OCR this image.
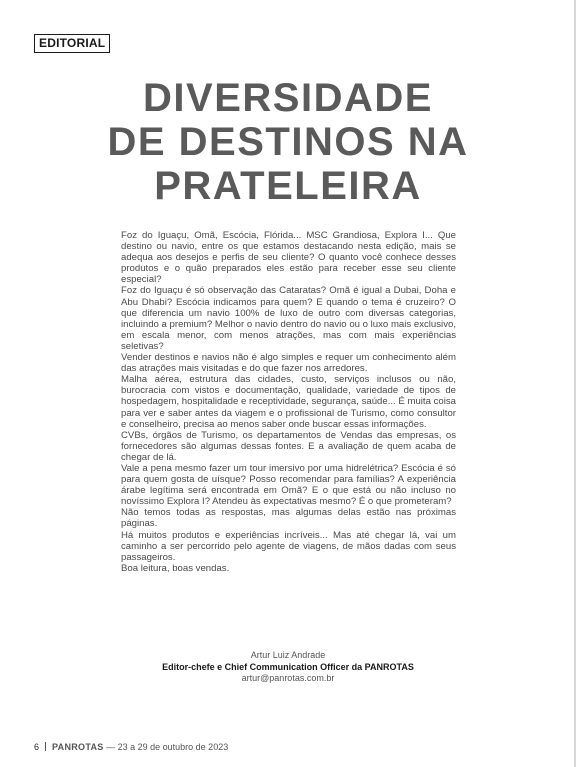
EDITORIAL
DIVERSIDADE
DE DESTINOS NA
PRATELEIRA

Foz do Iguaçu, Omã, Escócia, Flórida... MSC Grandiosa, Explora I... Que destino ou navio, entre os que estamos destacando nesta edição, mais se adequa aos desejos e perfis de seu cliente? O quanto você conhece desses produtos e o quão preparados eles estão para receber esse seu cliente especial?

Foz do Iguaçu é só observação das Cataratas? Omã é igual a Dubai, Doha e Abu Dhabi? Escócia indicamos para quem? E quando o tema é cruzeiro? O que diferencia um navio 100% de luxo de outro com diversas categorias, incluindo a premium? Melhor o navio dentro do navio ou o luxo mais exclusivo, em escala menor, com menos atrações, mas com mais experiências seletivas?

Vender destinos e navios não é algo simples e requer um conhecimento além das atrações mais visitadas e do que fazer nos arredores.

Malha aérea, estrutura das cidades, custo, serviços inclusos ou não, burocracia com vistos e documentação, qualidade, variedade de tipos de hospedagem, hospitalidade e receptividade, segurança, saúde... É muita coisa para ver e saber antes da viagem e o profissional de Turismo, como consultor e conselheiro, precisa ao menos saber onde buscar essas informações.

CVBs, órgãos de Turismo, os departamentos de Vendas das empresas, os fornecedores são algumas dessas fontes. E a avaliação de quem acaba de chegar de lá.

Vale a pena mesmo fazer um tour imersivo por uma hidrelétrica? Escócia é só para quem gosta de uísque? Posso recomendar para famílias? A experiência árabe legítima será encontrada em Omã? E o que está ou não incluso no novíssimo Explora I? Atendeu às expectativas mesmo? É o que prometeram?

Não temos todas as respostas, mas algumas delas estão nas próximas páginas.

Há muitos produtos e experiências incríveis... Mas até chegar lá, vai um caminho a ser percorrido pelo agente de viagens, de mãos dadas com seus passageiros.

Boa leitura, boas vendas.

Artur Luiz Andrade
Editor-chefe e Chief Communication Officer da PANROTAS
artur@panrotas.com.br
6 PANROTAS — 23 a 29 de outubro de 2023
